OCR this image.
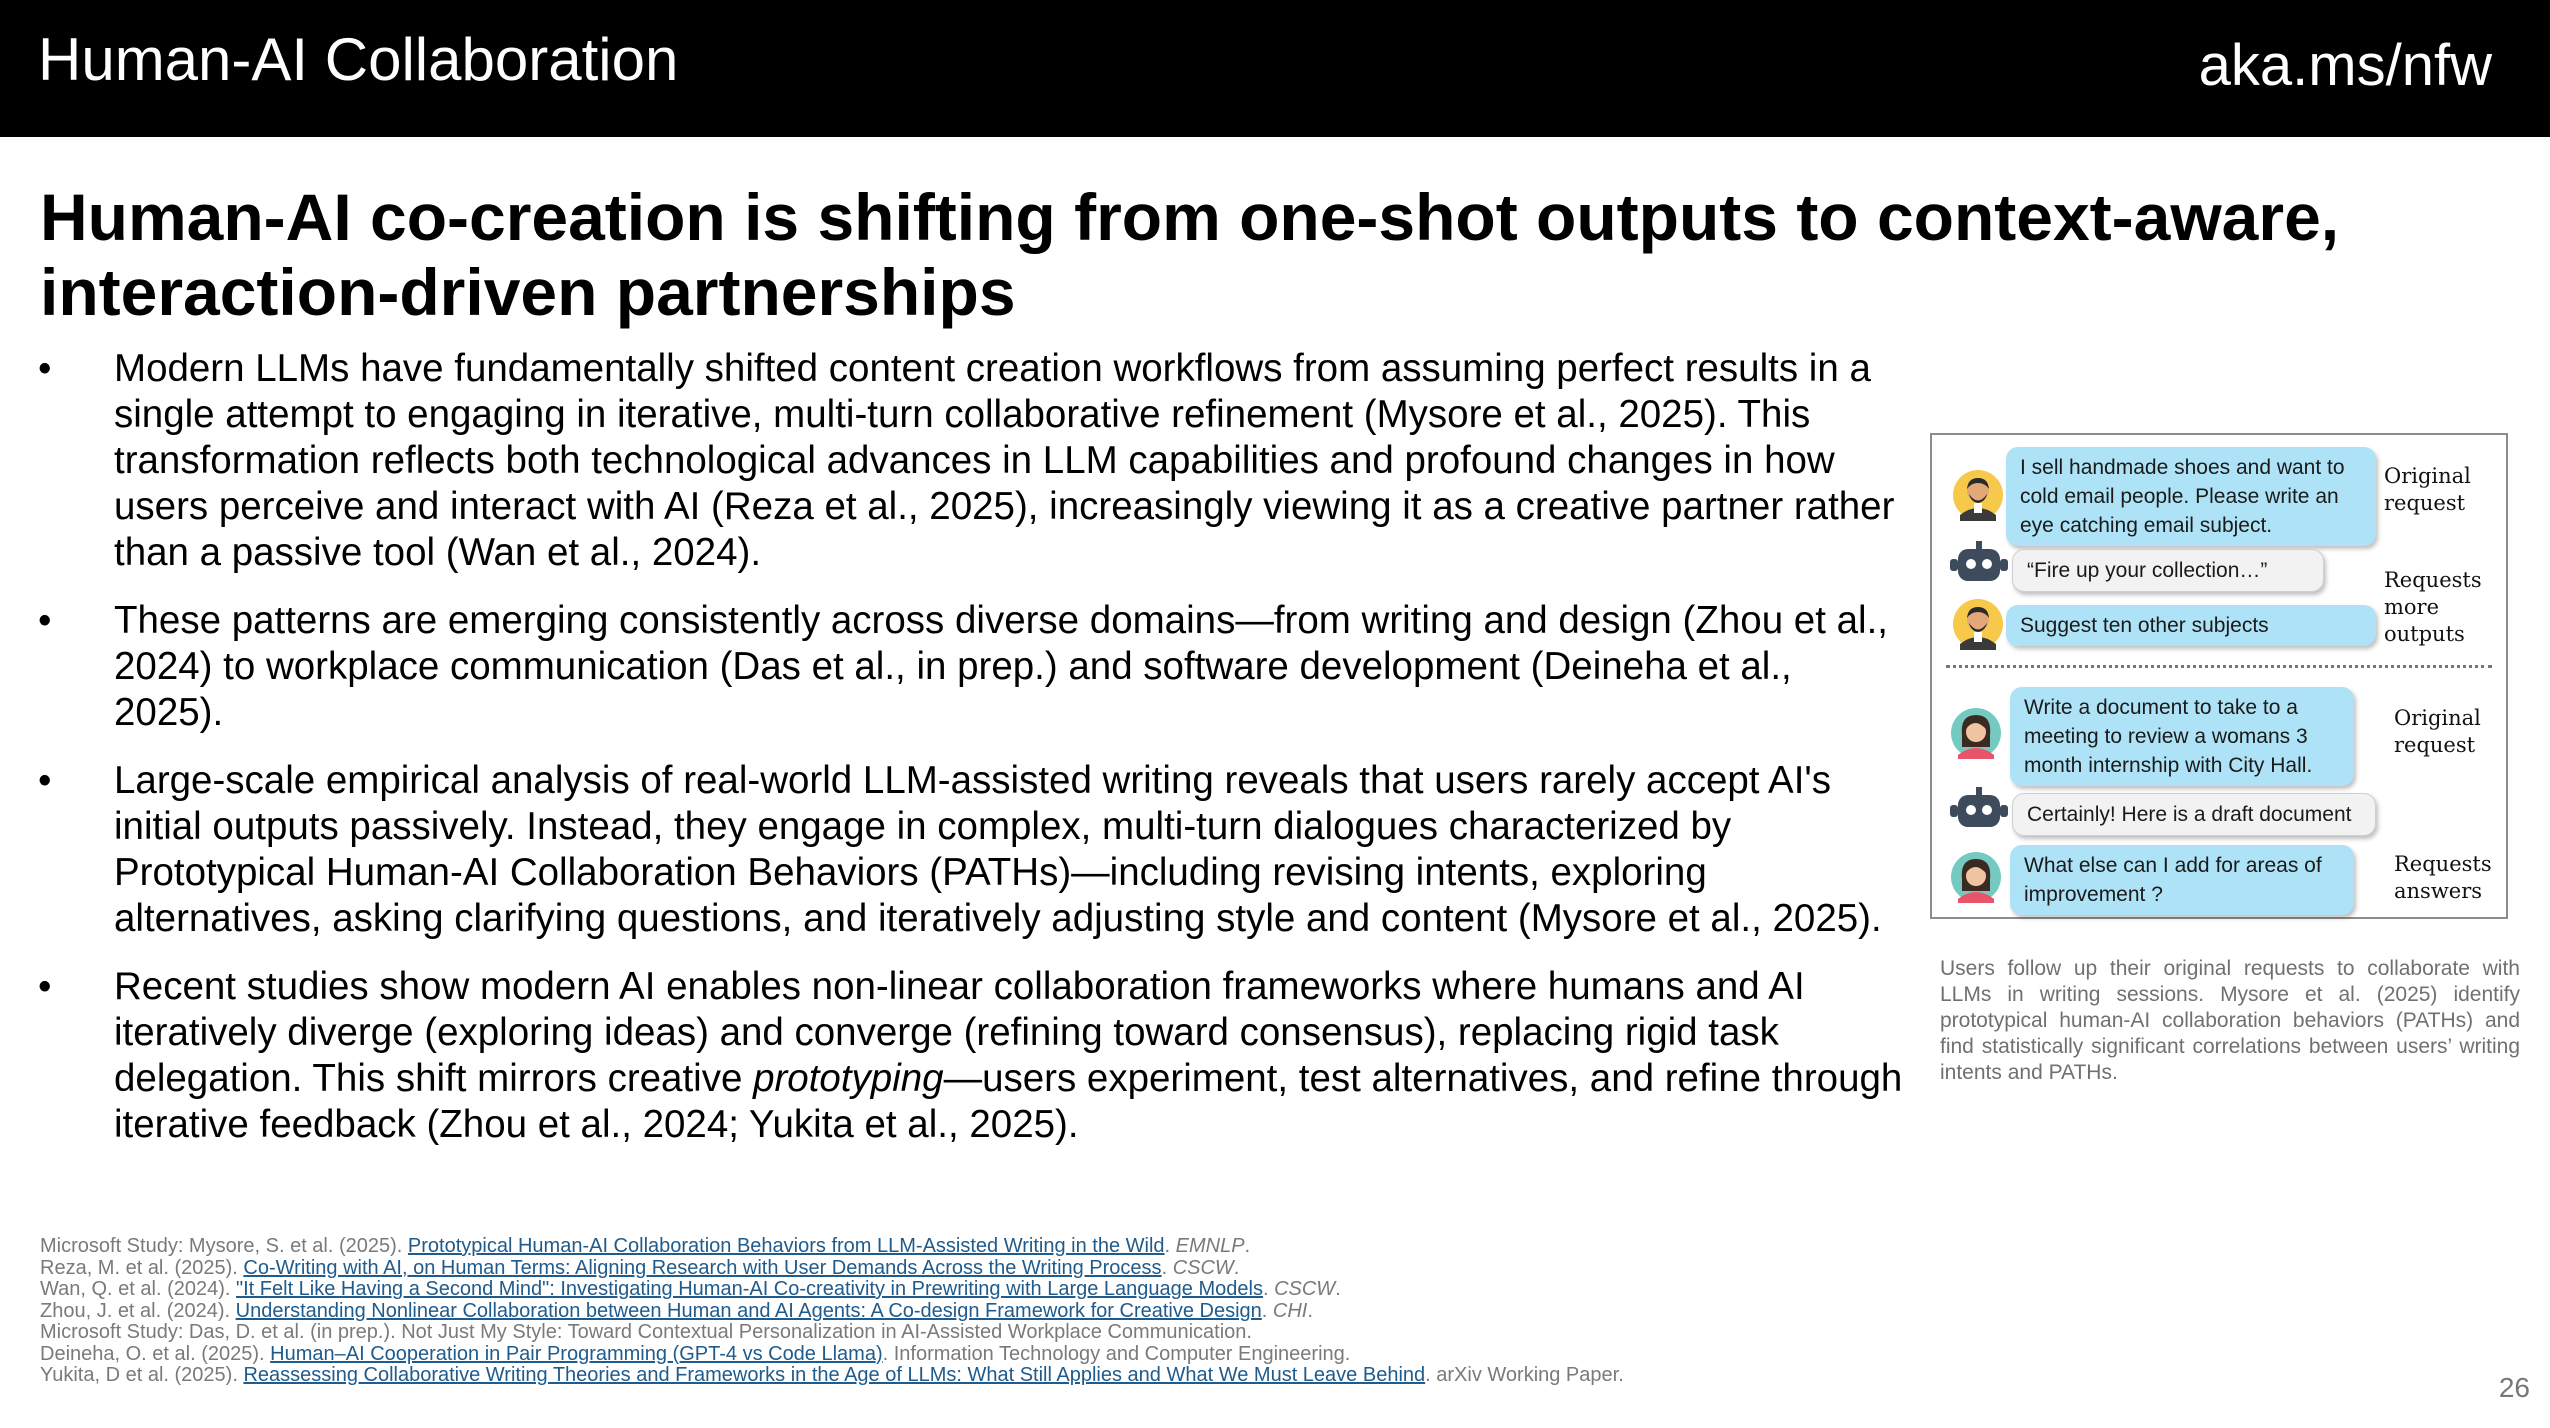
Human-AI Collaboration	aka.ms/nfw
Human-AI co-creation is shifting from one-shot outputs to context-aware, interaction-driven partnerships
• Modern LLMs have fundamentally shifted content creation workflows from assuming perfect results in a single attempt to engaging in iterative, multi-turn collaborative refinement (Mysore et al., 2025). This transformation reflects both technological advances in LLM capabilities and profound changes in how users perceive and interact with AI (Reza et al., 2025), increasingly viewing it as a creative partner rather than a passive tool (Wan et al., 2024).
• These patterns are emerging consistently across diverse domains—from writing and design (Zhou et al., 2024) to workplace communication (Das et al., in prep.) and software development (Deineha et al., 2025).
• Large-scale empirical analysis of real-world LLM-assisted writing reveals that users rarely accept AI's initial outputs passively. Instead, they engage in complex, multi-turn dialogues characterized by Prototypical Human-AI Collaboration Behaviors (PATHs)—including revising intents, exploring alternatives, asking clarifying questions, and iteratively adjusting style and content (Mysore et al., 2025).
• Recent studies show modern AI enables non-linear collaboration frameworks where humans and AI iteratively diverge (exploring ideas) and converge (refining toward consensus), replacing rigid task delegation. This shift mirrors creative prototyping—users experiment, test alternatives, and refine through iterative feedback (Zhou et al., 2024; Yukita et al., 2025).
I sell handmade shoes and want to cold email people. Please write an eye catching email subject.
Original request
“Fire up your collection…”
Suggest ten other subjects
Requests more outputs
Write a document to take to a meeting to review a womans 3 month internship with City Hall.
Original request
Certainly! Here is a draft document
What else can I add for areas of improvement ?
Requests answers

Users follow up their original requests to collaborate with LLMs in writing sessions. Mysore et al. (2025) identify prototypical human-AI collaboration behaviors (PATHs) and find statistically significant correlations between users’ writing intents and PATHs.

Microsoft Study: Mysore, S. et al. (2025). Prototypical Human-AI Collaboration Behaviors from LLM-Assisted Writing in the Wild. EMNLP.
Reza, M. et al. (2025). Co-Writing with AI, on Human Terms: Aligning Research with User Demands Across the Writing Process. CSCW.
Wan, Q. et al. (2024). "It Felt Like Having a Second Mind": Investigating Human-AI Co-creativity in Prewriting with Large Language Models. CSCW.
Zhou, J. et al. (2024). Understanding Nonlinear Collaboration between Human and AI Agents: A Co-design Framework for Creative Design. CHI.
Microsoft Study: Das, D. et al. (in prep.). Not Just My Style: Toward Contextual Personalization in AI-Assisted Workplace Communication.
Deineha, O. et al. (2025). Human–AI Cooperation in Pair Programming (GPT-4 vs Code Llama). Information Technology and Computer Engineering.
Yukita, D et al. (2025). Reassessing Collaborative Writing Theories and Frameworks in the Age of LLMs: What Still Applies and What We Must Leave Behind. arXiv Working Paper.	26
